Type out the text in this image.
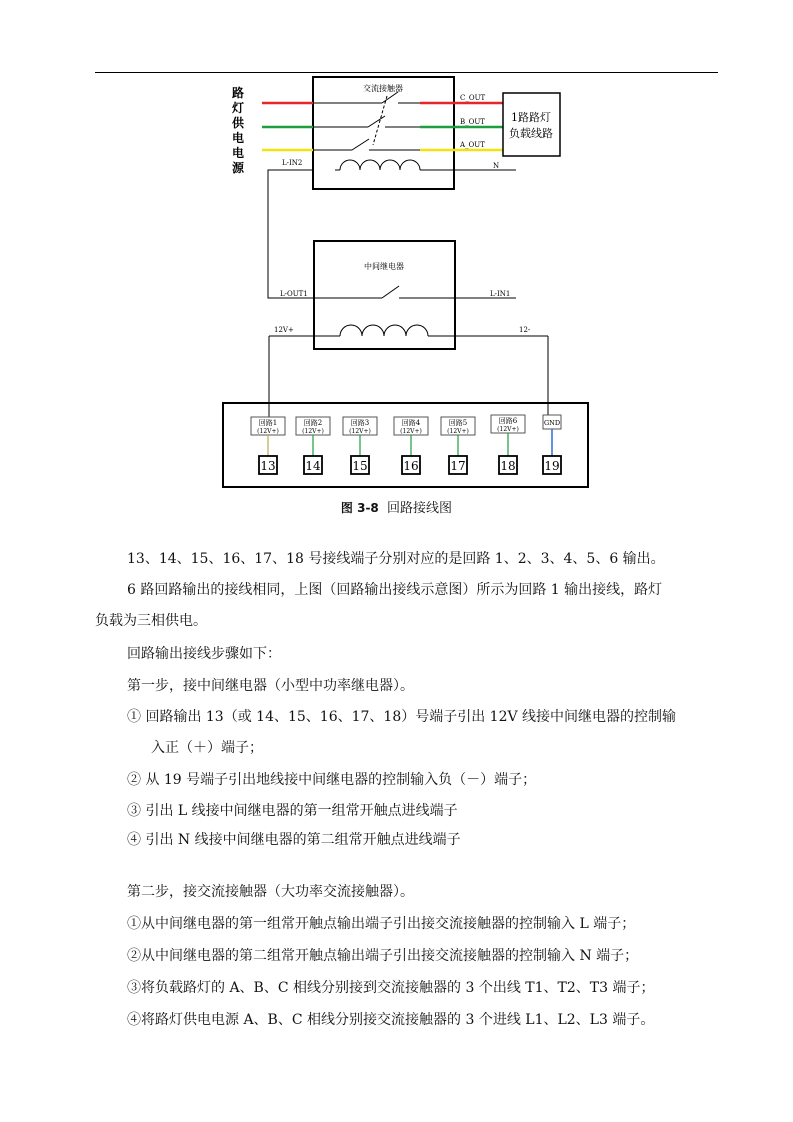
路
灯
供
电
电
源
交流接触器
C_OUT
B_OUT
A_OUT
1路路灯
负载线路
N
L-IN2
中间继电器
L-OUT1	L-IN1
12V+	12-
回路1
(12V+)
13
回路2
(12V+)
14
回路3
(12V+)
15
回路4
(12V+)
16
回路5
(12V+)
17
回路6
(12V+)
18
GND
19
图 3-8 回路接线图
13、14、15、16、17、18 号接线端子分别对应的是回路 1、2、3、4、5、6 输出。
6 路回路输出的接线相同，上图（回路输出接线示意图）所示为回路 1 输出接线，路灯
负载为三相供电。
回路输出接线步骤如下：
第一步，接中间继电器（小型中功率继电器）。
① 回路输出 13（或 14、15、16、17、18）号端子引出 12V 线接中间继电器的控制输
入正（＋）端子；
② 从 19 号端子引出地线接中间继电器的控制输入负（－）端子；
③ 引出 L 线接中间继电器的第一组常开触点进线端子
④ 引出 N 线接中间继电器的第二组常开触点进线端子
第二步，接交流接触器（大功率交流接触器）。
①从中间继电器的第一组常开触点输出端子引出接交流接触器的控制输入 L 端子；
②从中间继电器的第二组常开触点输出端子引出接交流接触器的控制输入 N 端子；
③将负载路灯的 A、B、C 相线分别接到交流接触器的 3 个出线 T1、T2、T3 端子；
④将路灯供电电源 A、B、C 相线分别接交流接触器的 3 个进线 L1、L2、L3 端子。
